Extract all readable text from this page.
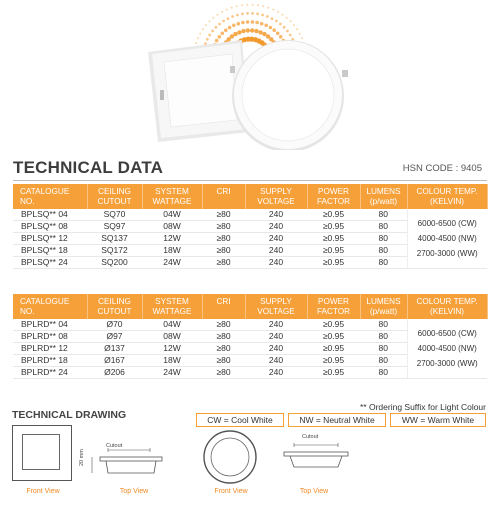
TECHNICAL DATA	HSN CODE : 9405
CATALOGUE NO.	CEILING CUTOUT	SYSTEM WATTAGE	CRI	SUPPLY VOLTAGE	POWER FACTOR	LUMENS (p/watt)	COLOUR TEMP. (KELVIN)
BPLSQ** 04	SQ70	04W	≥80	240	≥0.95	80	6000-6500 (CW)
4000-4500 (NW)
2700-3000 (WW)

BPLSQ** 08	SQ97	08W	≥80	240	≥0.95	80	
BPLSQ** 12	SQ137	12W	≥80	240	≥0.95	80	
BPLSQ** 18	SQ172	18W	≥80	240	≥0.95	80	
BPLSQ** 24	SQ200	24W	≥80	240	≥0.95	80	
CATALOGUE NO.	CEILING CUTOUT	SYSTEM WATTAGE	CRI	SUPPLY VOLTAGE	POWER FACTOR	LUMENS (p/watt)	COLOUR TEMP. (KELVIN)
BPLRD** 04	Ø70	04W	≥80	240	≥0.95	80	6000-6500 (CW)
4000-4500 (NW)
2700-3000 (WW)

BPLRD** 08	Ø97	08W	≥80	240	≥0.95	80	
BPLRD** 12	Ø137	12W	≥80	240	≥0.95	80	
BPLRD** 18	Ø167	18W	≥80	240	≥0.95	80	
BPLRD** 24	Ø206	24W	≥80	240	≥0.95	80	
** Ordering Suffix for Light Colour
CW = Cool White	NW = Neutral White	WW = Warm White
TECHNICAL DRAWING
Front View
Cutout
20 mm
Top View	Front View
Cutout
Top View
